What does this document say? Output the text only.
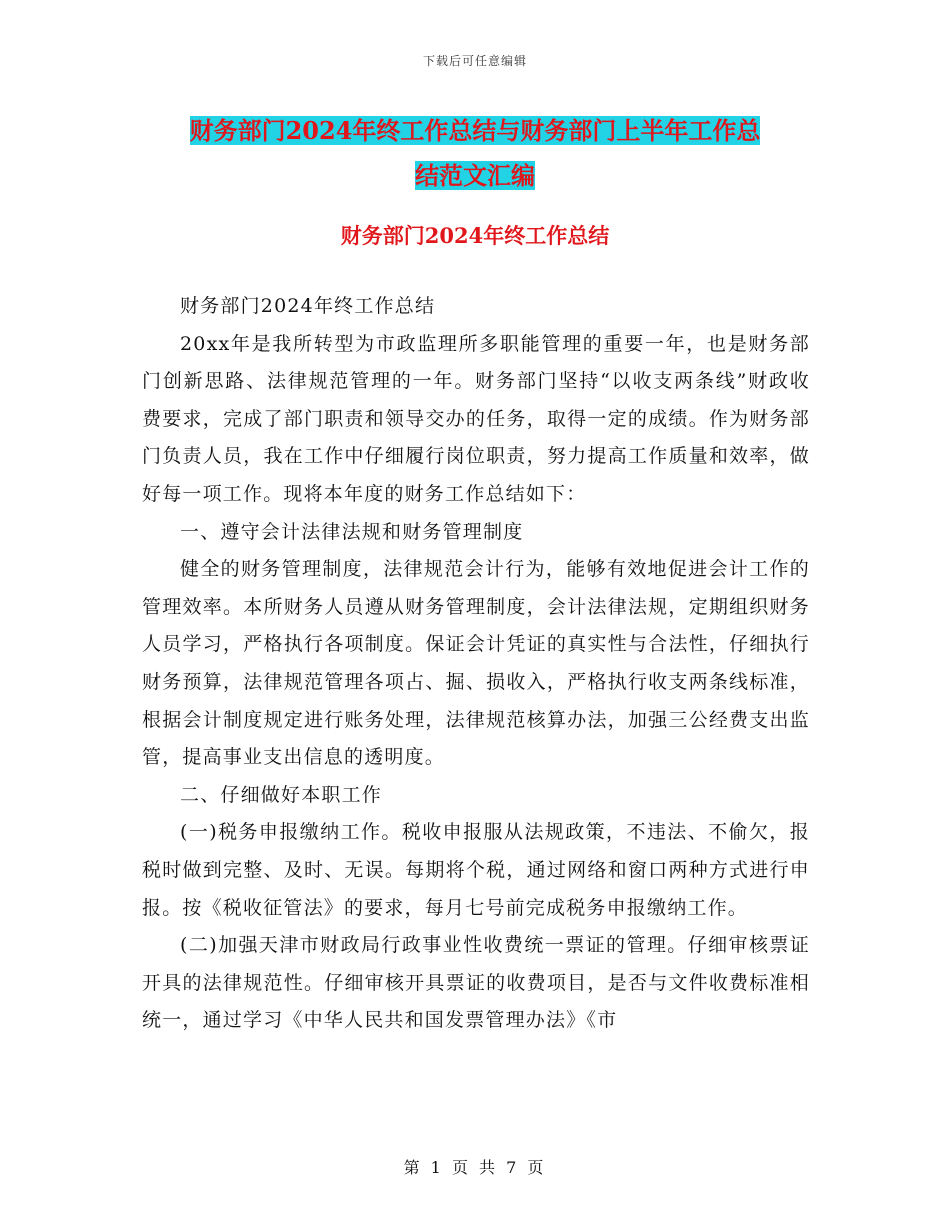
下载后可任意编辑
财务部门2024年终工作总结与财务部门上半年工作总
结范文汇编
财务部门2024年终工作总结

财务部门2024年终工作总结

20xx年是我所转型为市政监理所多职能管理的重要一年，也是财务部门创新思路、法律规范管理的一年。财务部门坚持“以收支两条线”财政收费要求，完成了部门职责和领导交办的任务，取得一定的成绩。作为财务部门负责人员，我在工作中仔细履行岗位职责，努力提高工作质量和效率，做好每一项工作。现将本年度的财务工作总结如下：

一、遵守会计法律法规和财务管理制度

健全的财务管理制度，法律规范会计行为，能够有效地促进会计工作的管理效率。本所财务人员遵从财务管理制度，会计法律法规，定期组织财务人员学习，严格执行各项制度。保证会计凭证的真实性与合法性，仔细执行财务预算，法律规范管理各项占、掘、损收入，严格执行收支两条线标准，根据会计制度规定进行账务处理，法律规范核算办法，加强三公经费支出监管，提高事业支出信息的透明度。

二、仔细做好本职工作

(一)税务申报缴纳工作。税收申报服从法规政策，不违法、不偷欠，报税时做到完整、及时、无误。每期将个税，通过网络和窗口两种方式进行申报。按《税收征管法》的要求，每月七号前完成税务申报缴纳工作。

(二)加强天津市财政局行政事业性收费统一票证的管理。仔细审核票证开具的法律规范性。仔细审核开具票证的收费项目，是否与文件收费标准相统一，通过学习《中华人民共和国发票管理办法》《市

第 1 页 共 7 页
